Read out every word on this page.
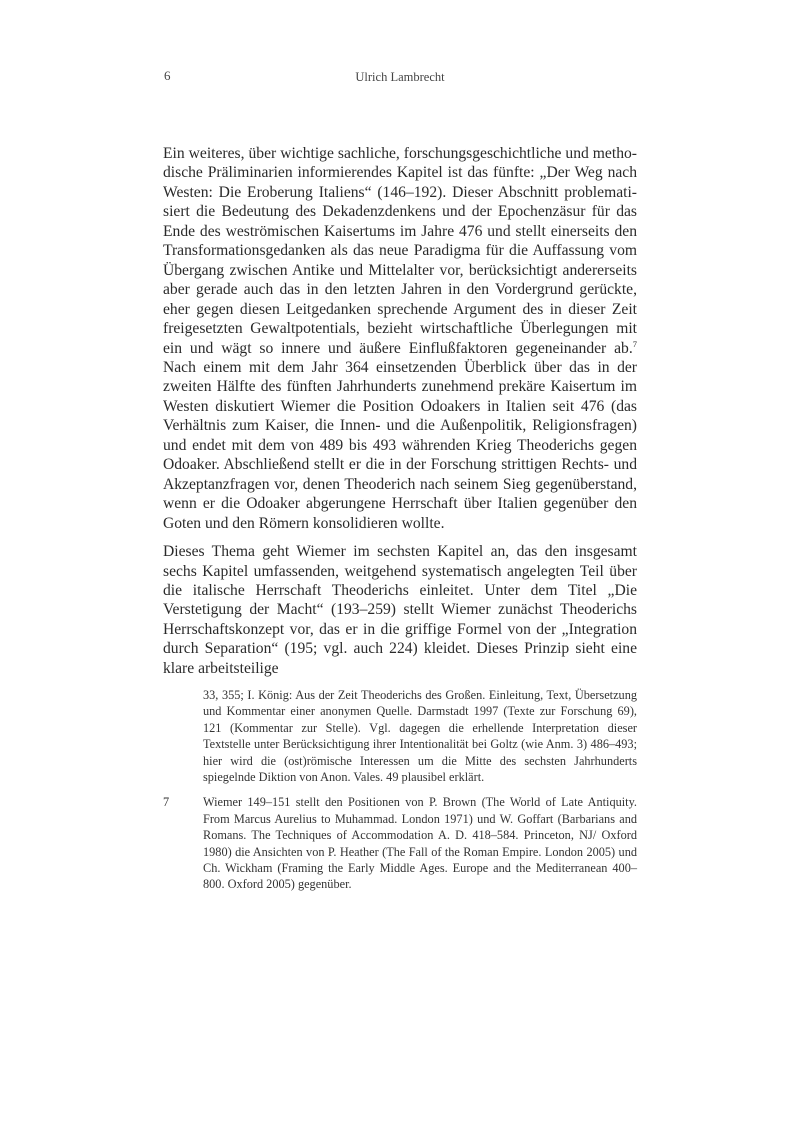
6	Ulrich Lambrecht

Ein weiteres, über wichtige sachliche, forschungsgeschichtliche und methodische Präliminarien informierendes Kapitel ist das fünfte: „Der Weg nach Westen: Die Eroberung Italiens“ (146–192). Dieser Abschnitt problematisiert die Bedeutung des Dekadenzdenkens und der Epochenzäsur für das Ende des weströmischen Kaisertums im Jahre 476 und stellt einerseits den Transformationsgedanken als das neue Paradigma für die Auffassung vom Übergang zwischen Antike und Mittelalter vor, berücksichtigt andererseits aber gerade auch das in den letzten Jahren in den Vordergrund gerückte, eher gegen diesen Leitgedanken sprechende Argument des in dieser Zeit freigesetzten Gewaltpotentials, bezieht wirtschaftliche Überlegungen mit ein und wägt so innere und äußere Einflußfaktoren gegeneinander ab.$^7$ Nach einem mit dem Jahr 364 einsetzenden Überblick über das in der zweiten Hälfte des fünften Jahrhunderts zunehmend prekäre Kaisertum im Westen diskutiert Wiemer die Position Odoakers in Italien seit 476 (das Verhältnis zum Kaiser, die Innen- und die Außenpolitik, Religionsfragen) und endet mit dem von 489 bis 493 währenden Krieg Theoderichs gegen Odoaker. Abschließend stellt er die in der Forschung strittigen Rechts- und Akzeptanzfragen vor, denen Theoderich nach seinem Sieg gegenüberstand, wenn er die Odoaker abgerungene Herrschaft über Italien gegenüber den Goten und den Römern konsolidieren wollte.

Dieses Thema geht Wiemer im sechsten Kapitel an, das den insgesamt sechs Kapitel umfassenden, weitgehend systematisch angelegten Teil über die italische Herrschaft Theoderichs einleitet. Unter dem Titel „Die Verstetigung der Macht“ (193–259) stellt Wiemer zunächst Theoderichs Herrschaftskonzept vor, das er in die griffige Formel von der „Integration durch Separation“ (195; vgl. auch 224) kleidet. Dieses Prinzip sieht eine klare arbeitsteilige

33, 355; I. König: Aus der Zeit Theoderichs des Großen. Einleitung, Text, Übersetzung und Kommentar einer anonymen Quelle. Darmstadt 1997 (Texte zur Forschung 69), 121 (Kommentar zur Stelle). Vgl. dagegen die erhellende Interpretation dieser Textstelle unter Berücksichtigung ihrer Intentionalität bei Goltz (wie Anm. 3) 486–493; hier wird die (ost)römische Interessen um die Mitte des sechsten Jahrhunderts spiegelnde Diktion von Anon. Vales. 49 plausibel erklärt.

7	Wiemer 149–151 stellt den Positionen von P. Brown (The World of Late Antiquity. From Marcus Aurelius to Muhammad. London 1971) und W. Goffart (Barbarians and Romans. The Techniques of Accommodation A. D. 418–584. Princeton, NJ/ Oxford 1980) die Ansichten von P. Heather (The Fall of the Roman Empire. London 2005) und Ch. Wickham (Framing the Early Middle Ages. Europe and the Mediterranean 400–800. Oxford 2005) gegenüber.
